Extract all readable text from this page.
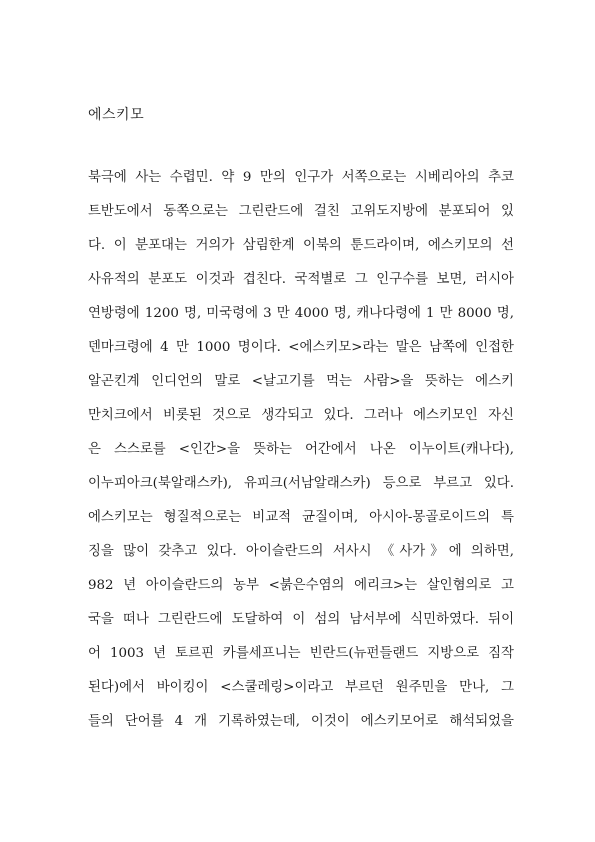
에스키모
북극에 사는 수렵민. 약 9 만의 인구가 서쪽으로는 시베리아의 추코
트반도에서 동쪽으로는 그린란드에 걸친 고위도지방에 분포되어 있
다. 이 분포대는 거의가 삼림한계 이북의 툰드라이며, 에스키모의 선
사유적의 분포도 이것과 겹친다. 국적별로 그 인구수를 보면, 러시아
연방령에 1200 명, 미국령에 3 만 4000 명, 캐나다령에 1 만 8000 명,
덴마크령에 4 만 1000 명이다. <에스키모>라는 말은 남쪽에 인접한
알곤킨계 인디언의 말로 <날고기를 먹는 사람>을 뜻하는 에스키
만치크에서 비롯된 것으로 생각되고 있다. 그러나 에스키모인 자신
은 스스로를 <인간>을 뜻하는 어간에서 나온 이누이트(캐나다),
이누피아크(북알래스카), 유피크(서남알래스카) 등으로 부르고 있다.
에스키모는 형질적으로는 비교적 균질이며, 아시아-몽골로이드의 특
징을 많이 갖추고 있다. 아이슬란드의 서사시 《사가》에 의하면,
982 년 아이슬란드의 농부 <붉은수염의 에리크>는 살인혐의로 고
국을 떠나 그린란드에 도달하여 이 섬의 남서부에 식민하였다. 뒤이
어 1003 년 토르핀 카를세프니는 빈란드(뉴펀들랜드 지방으로 짐작
된다)에서 바이킹이 <스쿨레링>이라고 부르던 원주민을 만나, 그
들의 단어를 4 개 기록하였는데, 이것이 에스키모어로 해석되었을
